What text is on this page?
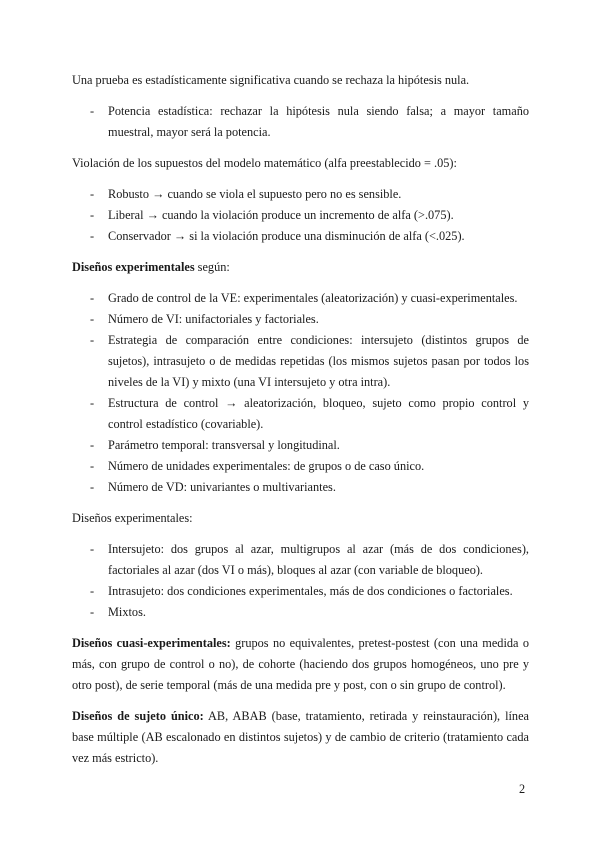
Una prueba es estadísticamente significativa cuando se rechaza la hipótesis nula.

- Potencia estadística: rechazar la hipótesis nula siendo falsa; a mayor tamaño muestral, mayor será la potencia.

Violación de los supuestos del modelo matemático (alfa preestablecido = .05):

- Robusto → cuando se viola el supuesto pero no es sensible.
- Liberal → cuando la violación produce un incremento de alfa (>.075).
- Conservador → si la violación produce una disminución de alfa (<.025).

Diseños experimentales según:

- Grado de control de la VE: experimentales (aleatorización) y cuasi-experimentales.
- Número de VI: unifactoriales y factoriales.
- Estrategia de comparación entre condiciones: intersujeto (distintos grupos de sujetos), intrasujeto o de medidas repetidas (los mismos sujetos pasan por todos los niveles de la VI) y mixto (una VI intersujeto y otra intra).
- Estructura de control → aleatorización, bloqueo, sujeto como propio control y control estadístico (covariable).
- Parámetro temporal: transversal y longitudinal.
- Número de unidades experimentales: de grupos o de caso único.
- Número de VD: univariantes o multivariantes.

Diseños experimentales:

- Intersujeto: dos grupos al azar, multigrupos al azar (más de dos condiciones), factoriales al azar (dos VI o más), bloques al azar (con variable de bloqueo).
- Intrasujeto: dos condiciones experimentales, más de dos condiciones o factoriales.
- Mixtos.

Diseños cuasi-experimentales: grupos no equivalentes, pretest-postest (con una medida o más, con grupo de control o no), de cohorte (haciendo dos grupos homogéneos, uno pre y otro post), de serie temporal (más de una medida pre y post, con o sin grupo de control).

Diseños de sujeto único: AB, ABAB (base, tratamiento, retirada y reinstauración), línea base múltiple (AB escalonado en distintos sujetos) y de cambio de criterio (tratamiento cada vez más estricto).

2
